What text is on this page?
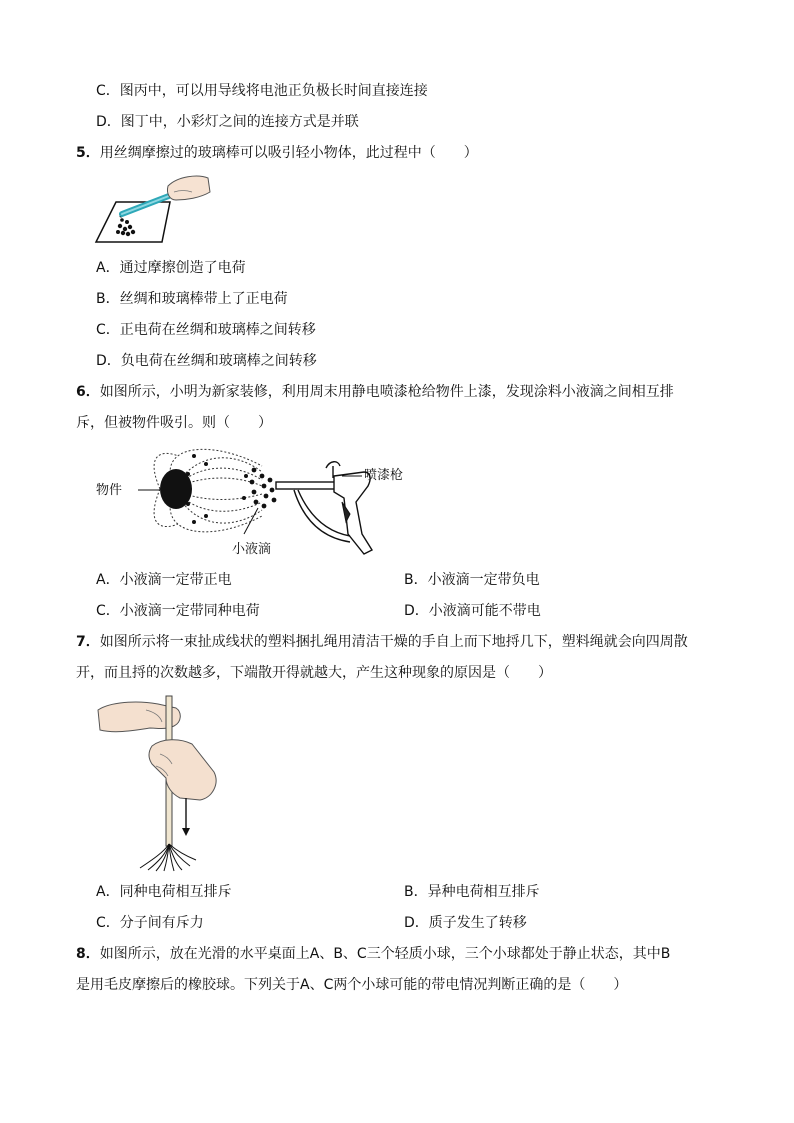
C．图丙中，可以用导线将电池正负极长时间直接连接
D．图丁中，小彩灯之间的连接方式是并联
5．用丝绸摩擦过的玻璃棒可以吸引轻小物体，此过程中（　　）
A．通过摩擦创造了电荷
B．丝绸和玻璃棒带上了正电荷
C．正电荷在丝绸和玻璃棒之间转移
D．负电荷在丝绸和玻璃棒之间转移
6．如图所示，小明为新家装修，利用周末用静电喷漆枪给物件上漆，发现涂料小液滴之间相互排
斥，但被物件吸引。则（　　）
物件
喷漆枪
小液滴
A．小液滴一定带正电	B．小液滴一定带负电
C．小液滴一定带同种电荷	D．小液滴可能不带电
7．如图所示将一束扯成线状的塑料捆扎绳用清洁干燥的手自上而下地捋几下，塑料绳就会向四周散
开，而且捋的次数越多，下端散开得就越大，产生这种现象的原因是（　　）
A．同种电荷相互排斥	B．异种电荷相互排斥
C．分子间有斥力	D．质子发生了转移
8．如图所示，放在光滑的水平桌面上A、B、C三个轻质小球，三个小球都处于静止状态，其中B
是用毛皮摩擦后的橡胶球。下列关于A、C两个小球可能的带电情况判断正确的是（　　）
